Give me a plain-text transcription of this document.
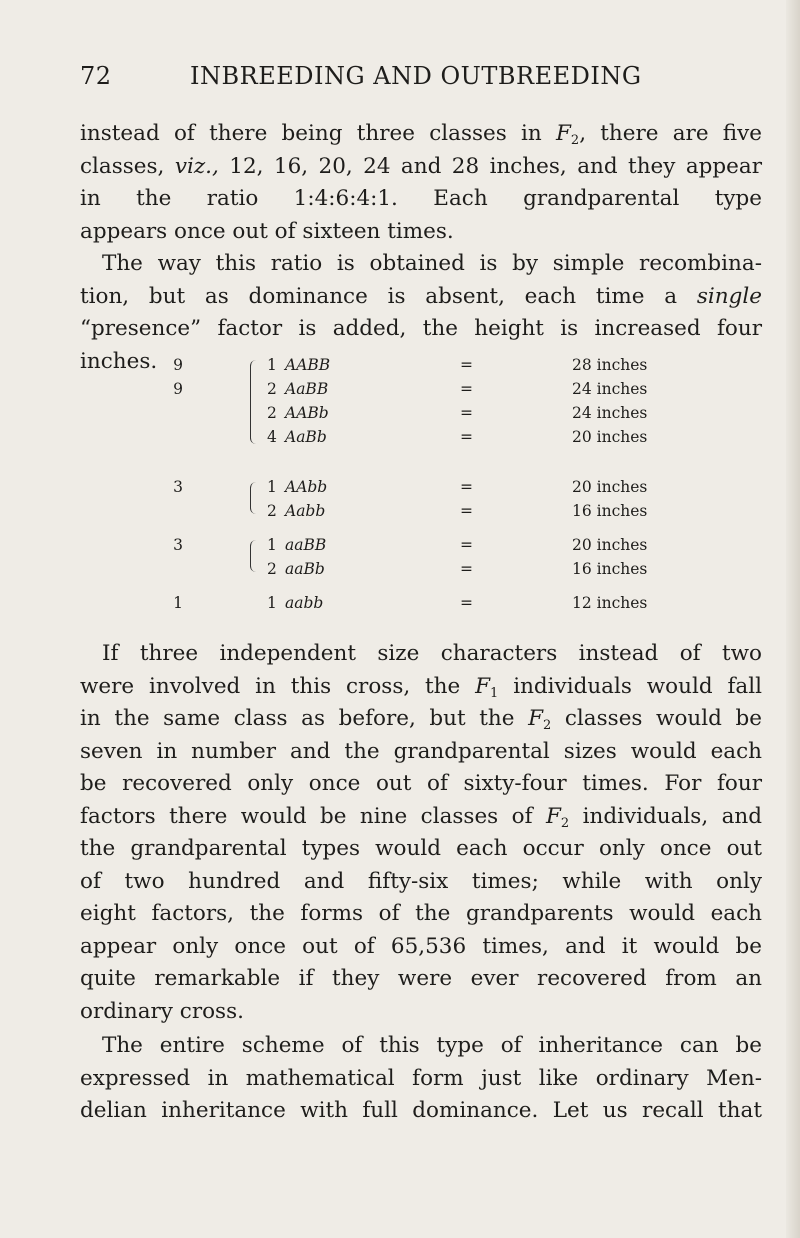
72	INBREEDING AND OUTBREEDING
instead of there being three classes in $F_2$, there are five
classes, viz., 12, 16, 20, 24 and 28 inches, and they appear
in the ratio 1:4:6:4:1. Each grandparental type
appears once out of sixteen times.
The way this ratio is obtained is by simple recombina-
tion, but as dominance is absent, each time a single
“presence” factor is added, the height is increased four
inches.	9	1 AABB	=	28 inches
9	2 AaBB	=	24 inches
2 AABb	=	24 inches
4 AaBb	=	20 inches
3	1 AAbb	=	20 inches
2 Aabb	=	16 inches
3	1 aaBB	=	20 inches
2 aaBb	=	16 inches
1	1 aabb	=	12 inches
If three independent size characters instead of two
were involved in this cross, the $F_1$ individuals would fall
in the same class as before, but the $F_2$ classes would be
seven in number and the grandparental sizes would each
be recovered only once out of sixty-four times. For four
factors there would be nine classes of $F_2$ individuals, and
the grandparental types would each occur only once out
of two hundred and fifty-six times; while with only
eight factors, the forms of the grandparents would each
appear only once out of 65,536 times, and it would be
quite remarkable if they were ever recovered from an
ordinary cross.
The entire scheme of this type of inheritance can be
expressed in mathematical form just like ordinary Men-
delian inheritance with full dominance. Let us recall that
